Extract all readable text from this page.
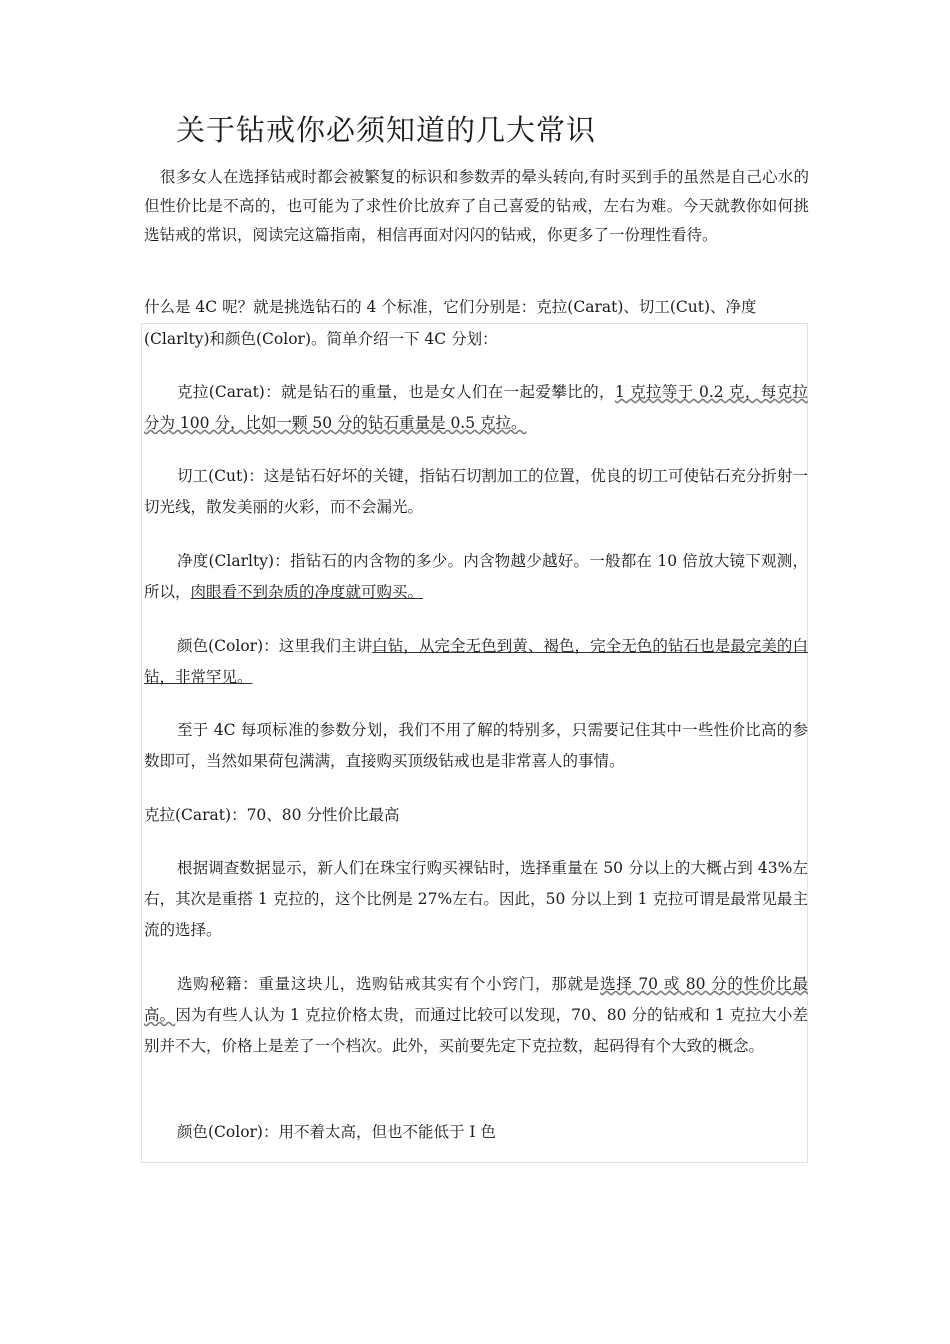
关于钻戒你必须知道的几大常识

很多女人在选择钻戒时都会被繁复的标识和参数弄的晕头转向,有时买到手的虽然是自己心水的但性价比是不高的，也可能为了求性价比放弃了自己喜爱的钻戒，左右为难。今天就教你如何挑选钻戒的常识，阅读完这篇指南，相信再面对闪闪的钻戒，你更多了一份理性看待。

什么是 4C 呢？就是挑选钻石的 4 个标准，它们分别是：克拉(Carat)、切工(Cut)、净度

(Clarlty)和颜色(Color)。简单介绍一下 4C 分划：

克拉(Carat)：就是钻石的重量，也是女人们在一起爱攀比的，1 克拉等于 0.2 克，每克拉分为 100 分，比如一颗 50 分的钻石重量是 0.5 克拉。

切工(Cut)：这是钻石好坏的关键，指钻石切割加工的位置，优良的切工可使钻石充分折射一切光线，散发美丽的火彩，而不会漏光。

净度(Clarlty)：指钻石的内含物的多少。内含物越少越好。一般都在 10 倍放大镜下观测，所以，肉眼看不到杂质的净度就可购买。

颜色(Color)：这里我们主讲白钻，从完全无色到黄、褐色，完全无色的钻石也是最完美的白钻，非常罕见。

至于 4C 每项标准的参数分划，我们不用了解的特别多，只需要记住其中一些性价比高的参数即可，当然如果荷包满满，直接购买顶级钻戒也是非常喜人的事情。

克拉(Carat)：70、80 分性价比最高

根据调查数据显示，新人们在珠宝行购买裸钻时，选择重量在 50 分以上的大概占到 43%左右，其次是重搭 1 克拉的，这个比例是 27%左右。因此，50 分以上到 1 克拉可谓是最常见最主流的选择。

选购秘籍：重量这块儿，选购钻戒其实有个小窍门，那就是选择 70 或 80 分的性价比最高。因为有些人认为 1 克拉价格太贵，而通过比较可以发现，70、80 分的钻戒和 1 克拉大小差别并不大，价格上是差了一个档次。此外，买前要先定下克拉数，起码得有个大致的概念。

颜色(Color)：用不着太高，但也不能低于 I 色
